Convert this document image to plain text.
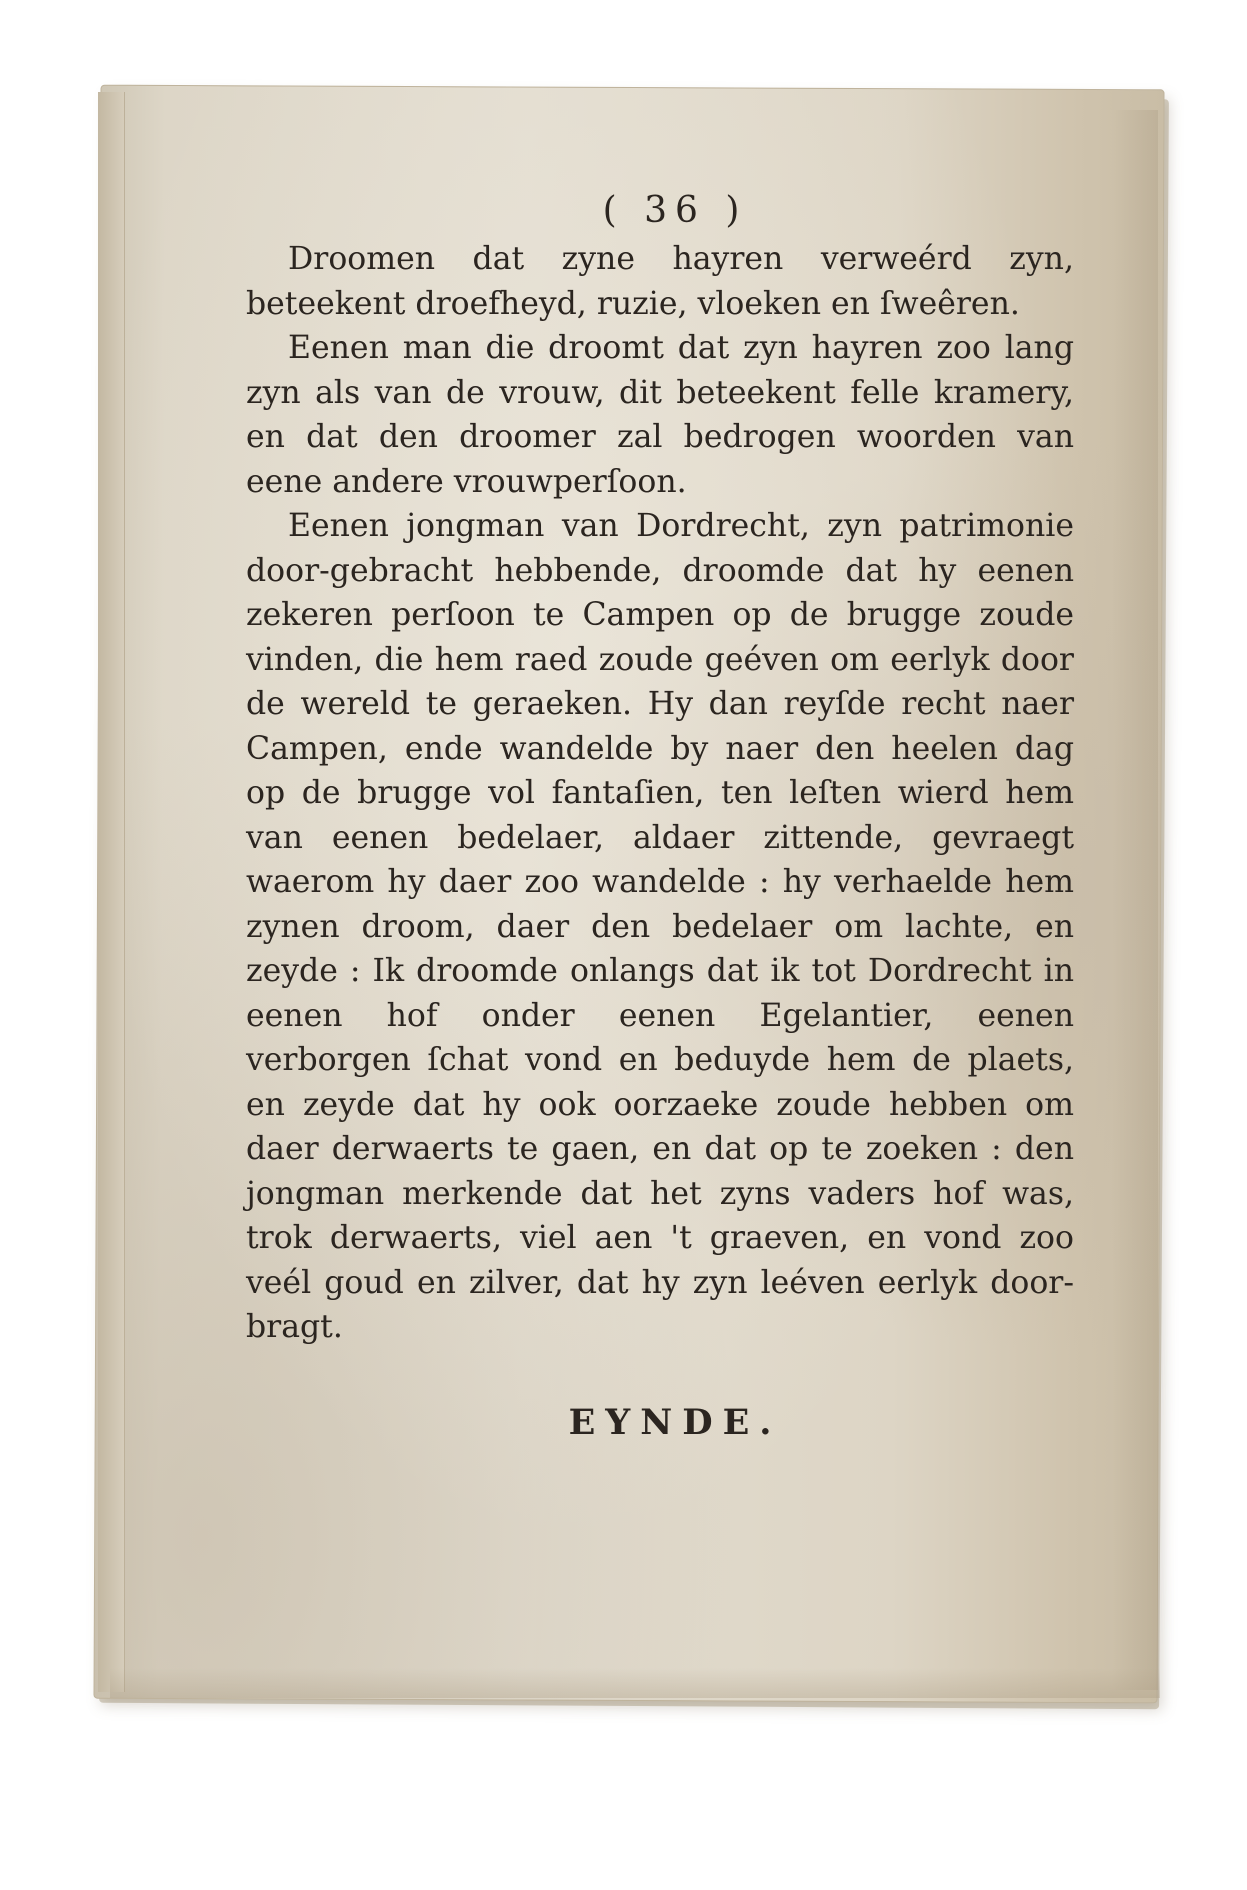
( 36 )

Droomen dat zyne hayren verweérd zyn, beteekent droefheyd, ruzie, vloeken en ſweêren.

Eenen man die droomt dat zyn hayren zoo lang zyn als van de vrouw, dit beteekent felle kramery, en dat den droomer zal bedrogen woorden van eene andere vrouwperſoon.

Eenen jongman van Dordrecht, zyn patrimonie door-gebracht hebbende, droomde dat hy eenen zekeren perſoon te Campen op de brugge zoude vinden, die hem raed zoude geéven om eerlyk door de wereld te geraeken. Hy dan reyſde recht naer Campen, ende wandelde by naer den heelen dag op de brugge vol fantaſien, ten leſten wierd hem van eenen bedelaer, aldaer zittende, gevraegt waerom hy daer zoo wandelde : hy verhaelde hem zynen droom, daer den bedelaer om lachte, en zeyde : Ik droomde onlangs dat ik tot Dordrecht in eenen hof onder eenen Egelantier, eenen verborgen ſchat vond en beduyde hem de plaets, en zeyde dat hy ook oorzaeke zoude hebben om daer derwaerts te gaen, en dat op te zoeken : den jongman merkende dat het zyns vaders hof was, trok derwaerts, viel aen 't graeven, en vond zoo veél goud en zilver, dat hy zyn leéven eerlyk door-bragt.

EYNDE.
